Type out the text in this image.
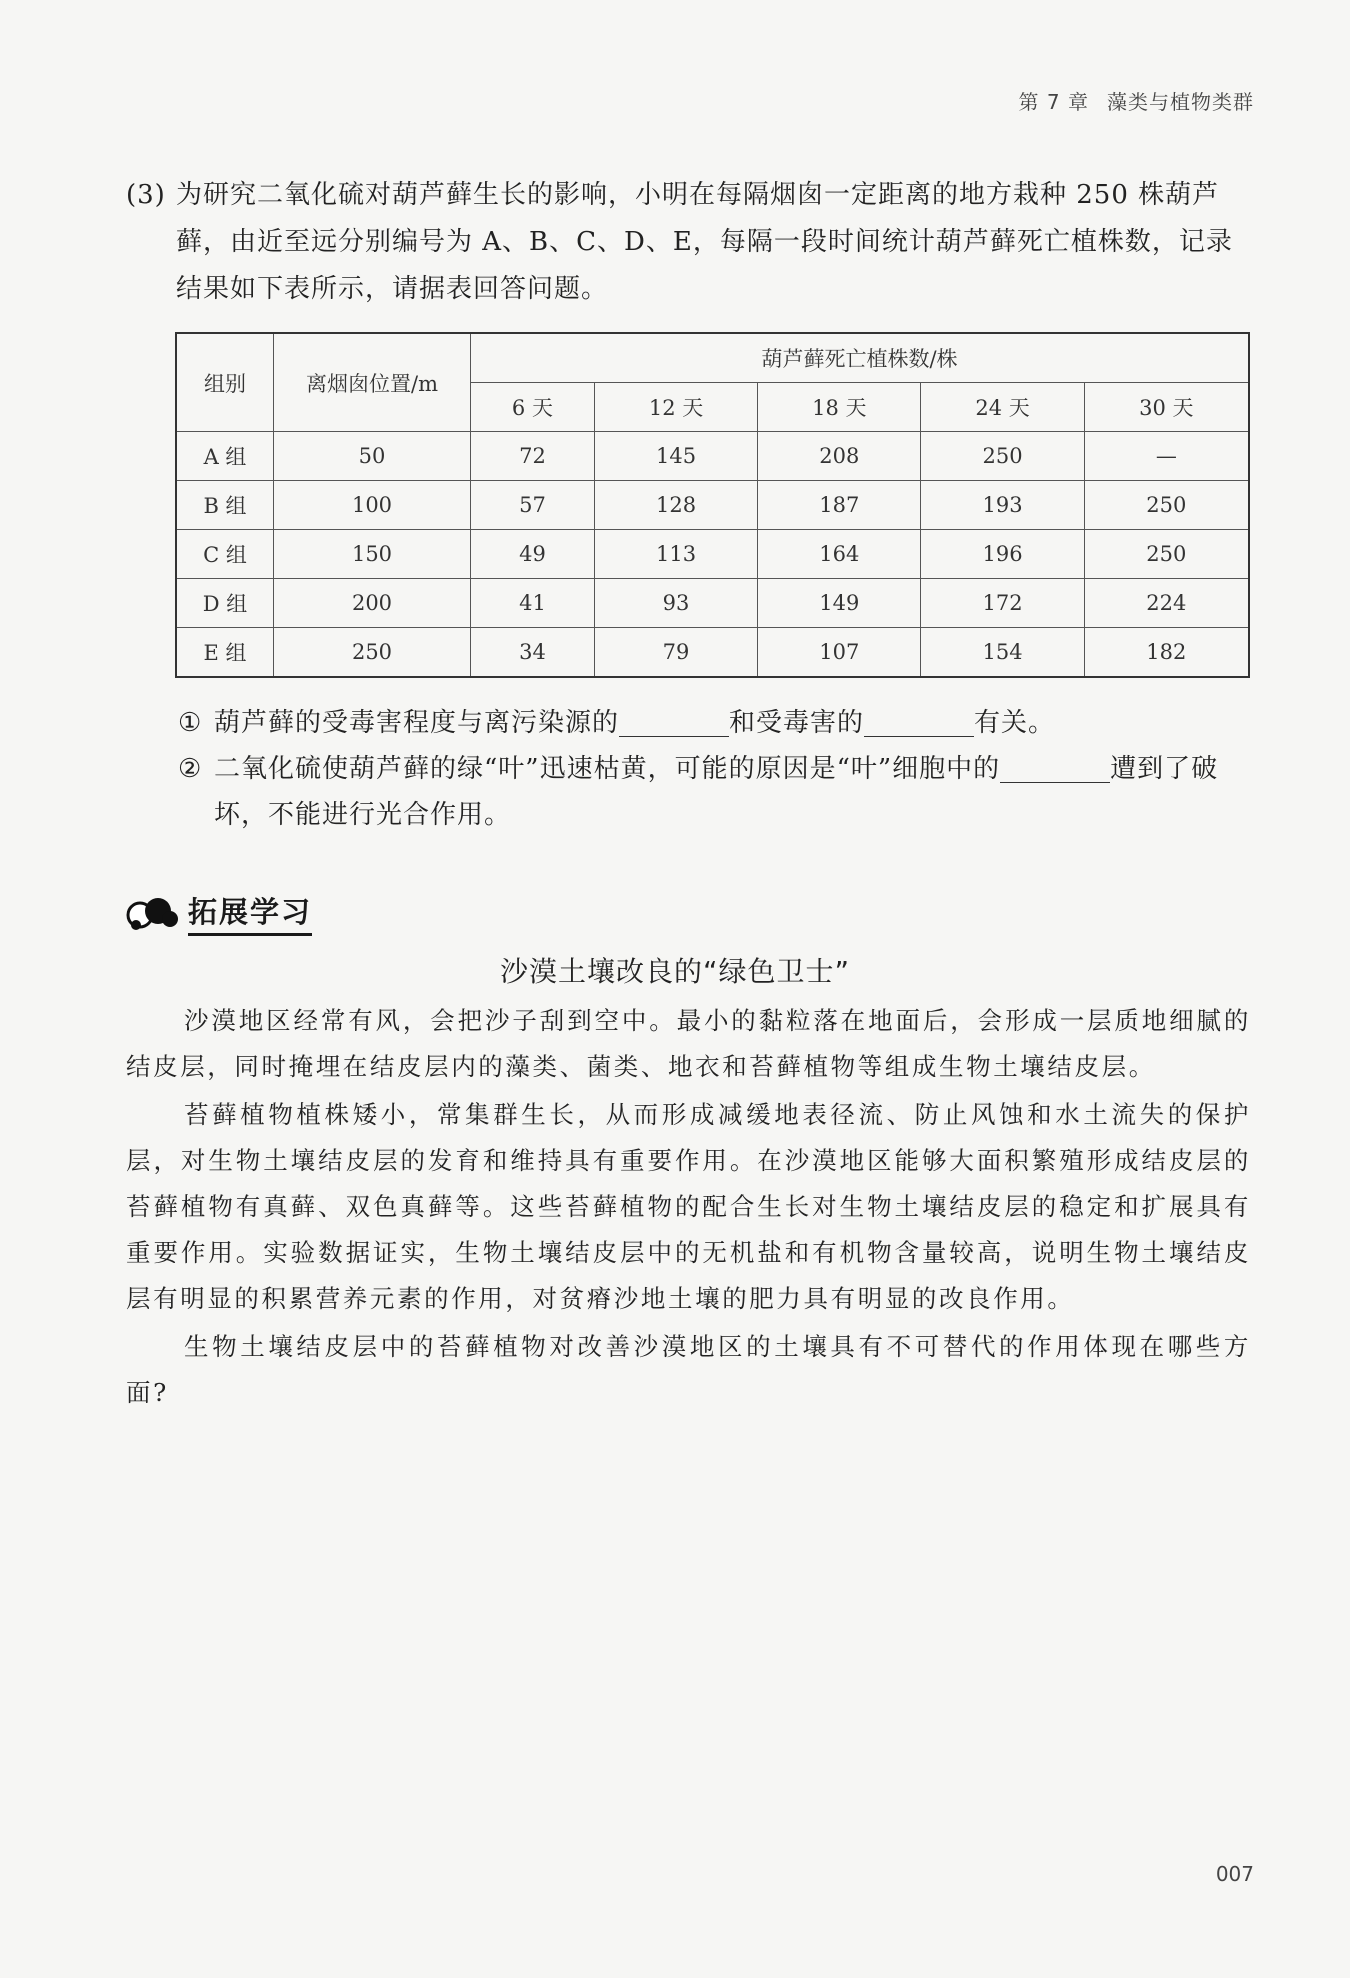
第 7 章 藻类与植物类群
(3) 为研究二氧化硫对葫芦藓生长的影响，小明在每隔烟囱一定距离的地方栽种 250 株葫芦藓，由近至远分别编号为 A、B、C、D、E，每隔一段时间统计葫芦藓死亡植株数，记录结果如下表所示，请据表回答问题。
组别	离烟囱位置/m	葫芦藓死亡植株数/株				
		6 天	12 天	18 天	24 天	30 天
A 组	50	72	145	208	250	—
B 组	100	57	128	187	193	250
C 组	150	49	113	164	196	250
D 组	200	41	93	149	172	224
E 组	250	34	79	107	154	182
① 葫芦藓的受毒害程度与离污染源的	和受毒害的	有关。
② 二氧化硫使葫芦藓的绿“叶”迅速枯黄，可能的原因是“叶”细胞中的	遭到了破坏，不能进行光合作用。
拓展学习
沙漠土壤改良的“绿色卫士”
沙漠地区经常有风，会把沙子刮到空中。最小的黏粒落在地面后，会形成一层质地细腻的结皮层，同时掩埋在结皮层内的藻类、菌类、地衣和苔藓植物等组成生物土壤结皮层。
苔藓植物植株矮小，常集群生长，从而形成减缓地表径流、防止风蚀和水土流失的保护层，对生物土壤结皮层的发育和维持具有重要作用。在沙漠地区能够大面积繁殖形成结皮层的苔藓植物有真藓、双色真藓等。这些苔藓植物的配合生长对生物土壤结皮层的稳定和扩展具有重要作用。实验数据证实，生物土壤结皮层中的无机盐和有机物含量较高，说明生物土壤结皮层有明显的积累营养元素的作用，对贫瘠沙地土壤的肥力具有明显的改良作用。
生物土壤结皮层中的苔藓植物对改善沙漠地区的土壤具有不可替代的作用体现在哪些方面?
007
